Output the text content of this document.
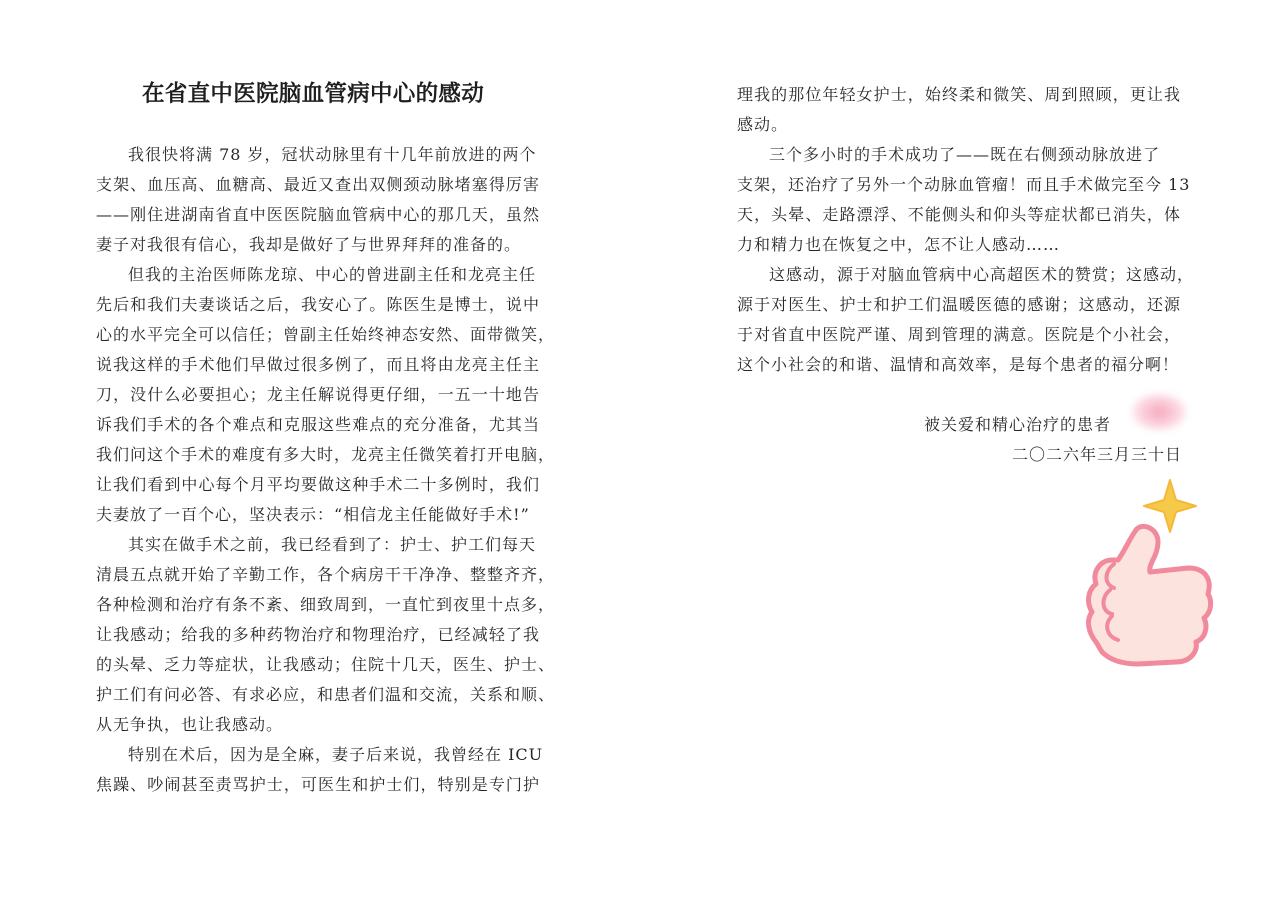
在省直中医院脑血管病中心的感动
我很快将满 78 岁，冠状动脉里有十几年前放进的两个
支架、血压高、血糖高、最近又查出双侧颈动脉堵塞得厉害
——刚住进湖南省直中医医院脑血管病中心的那几天，虽然
妻子对我很有信心，我却是做好了与世界拜拜的准备的。
但我的主治医师陈龙琼、中心的曾进副主任和龙亮主任
先后和我们夫妻谈话之后，我安心了。陈医生是博士，说中
心的水平完全可以信任；曾副主任始终神态安然、面带微笑，
说我这样的手术他们早做过很多例了，而且将由龙亮主任主
刀，没什么必要担心；龙主任解说得更仔细，一五一十地告
诉我们手术的各个难点和克服这些难点的充分准备，尤其当
我们问这个手术的难度有多大时，龙亮主任微笑着打开电脑，
让我们看到中心每个月平均要做这种手术二十多例时，我们
夫妻放了一百个心，坚决表示：“相信龙主任能做好手术!”
其实在做手术之前，我已经看到了：护士、护工们每天
清晨五点就开始了辛勤工作，各个病房干干净净、整整齐齐，
各种检测和治疗有条不紊、细致周到，一直忙到夜里十点多，
让我感动；给我的多种药物治疗和物理治疗，已经减轻了我
的头晕、乏力等症状，让我感动；住院十几天，医生、护士、
护工们有问必答、有求必应，和患者们温和交流，关系和顺、
从无争执，也让我感动。
特别在术后，因为是全麻，妻子后来说，我曾经在 ICU
焦躁、吵闹甚至责骂护士，可医生和护士们，特别是专门护
理我的那位年轻女护士，始终柔和微笑、周到照顾，更让我
感动。
三个多小时的手术成功了——既在右侧颈动脉放进了
支架，还治疗了另外一个动脉血管瘤！而且手术做完至今 13
天，头晕、走路漂浮、不能侧头和仰头等症状都已消失，体
力和精力也在恢复之中，怎不让人感动……
这感动，源于对脑血管病中心高超医术的赞赏；这感动，
源于对医生、护士和护工们温暖医德的感谢；这感动，还源
于对省直中医院严谨、周到管理的满意。医院是个小社会，
这个小社会的和谐、温情和高效率，是每个患者的福分啊！
被关爱和精心治疗的患者
二〇二六年三月三十日
